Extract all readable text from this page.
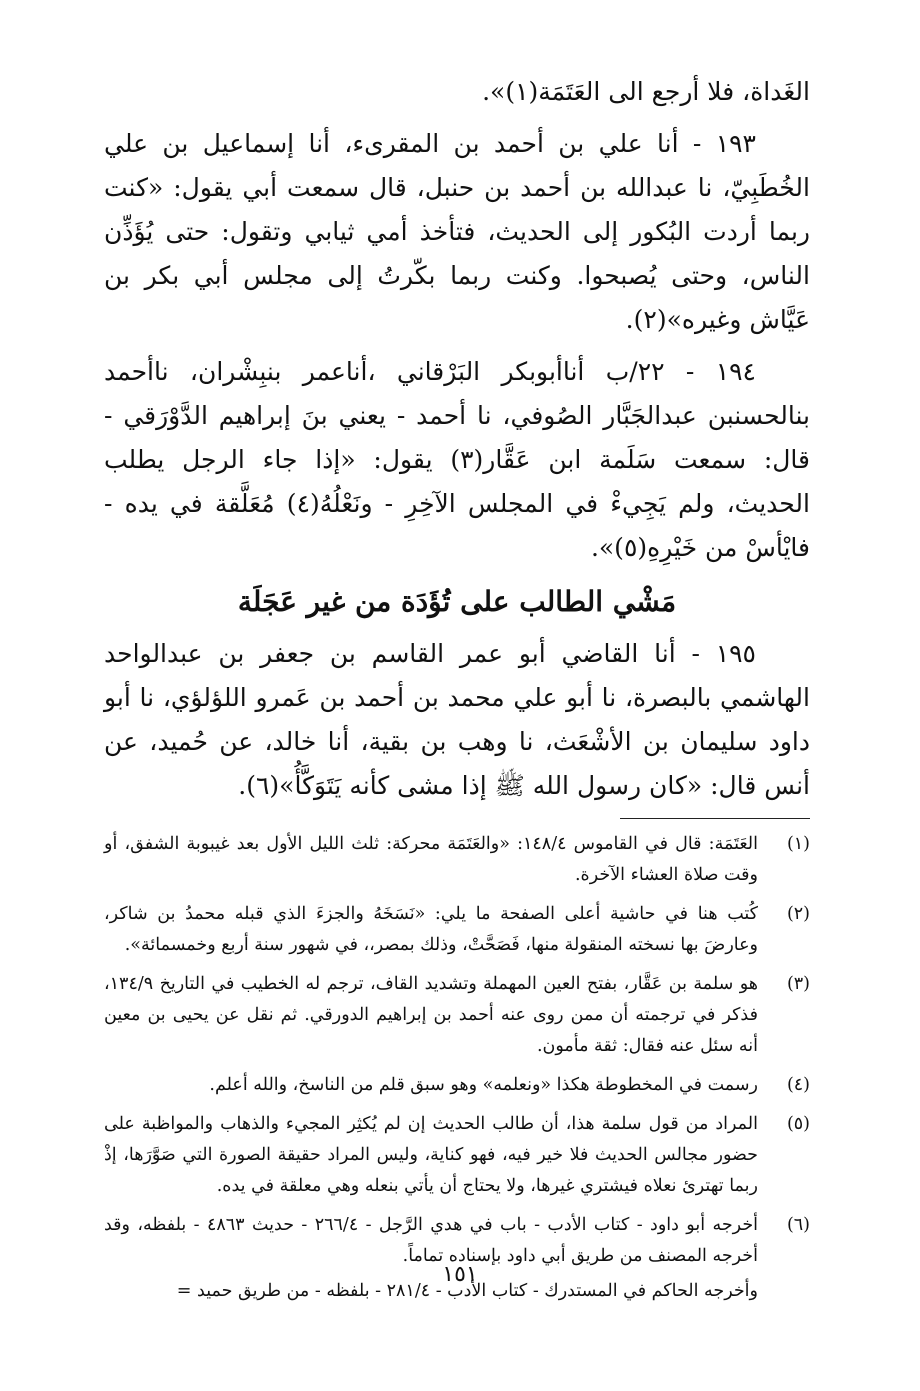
الغَداة، فلا أرجع الى العَتَمَة(١)».

١٩٣ - أنا علي بن أحمد بن المقرىء، أنا إسماعيل بن علي الخُطَبِيّ، نا عبدالله بن أحمد بن حنبل، قال سمعت أبي يقول: «كنت ربما أردت البُكور إلى الحديث، فتأخذ أمي ثيابي وتقول: حتى يُؤَذِّن الناس، وحتى يُصبحوا. وكنت ربما بكّرتُ إلى مجلس أبي بكر بن عَيَّاش وغيره»(٢).

١٩٤ - ٢٢/ب أناأبوبكر البَرْقاني ،أناعمر بنبِشْران، ناأحمد بنالحسنبن عبدالجَبَّار الصُوفي، نا أحمد - يعني بنَ إبراهيم الدَّوْرَقي - قال: سمعت سَلَمة ابن عَقَّار(٣) يقول: «إذا جاء الرجل يطلب الحديث، ولم يَجِيءْ في المجلس الآخِرِ - ونَعْلُهُ(٤) مُعَلَّقة في يده - فايْأسْ من خَيْرِهِ(٥)».

مَشْي الطالب على تُؤَدَة من غير عَجَلَة

١٩٥ - أنا القاضي أبو عمر القاسم بن جعفر بن عبدالواحد الهاشمي بالبصرة، نا أبو علي محمد بن أحمد بن عَمرو اللؤلؤي، نا أبو داود سليمان بن الأشْعَث، نا وهب بن بقية، أنا خالد، عن حُميد، عن أنس قال: «كان رسول الله ﷺ إذا مشى كأنه يَتَوَكَّأُ»(٦).

(١)
العَتَمَة: قال في القاموس ١٤٨/٤: «والعَتَمَة محركة: ثلث الليل الأول بعد غيبوبة الشفق، أو وقت صلاة العشاء الآخرة.
(٢)
كُتب هنا في حاشية أعلى الصفحة ما يلي: «نَسَخَهُ والجزءَ الذي قبله محمدُ بن شاكر، وعارضَ بها نسخته المنقولة منها، فَصَحَّتْ، وذلك بمصر،، في شهور سنة أربع وخمسمائة».
(٣)
هو سلمة بن عَقَّار، بفتح العين المهملة وتشديد القاف، ترجم له الخطيب في التاريخ ١٣٤/٩، فذكر في ترجمته أن ممن روى عنه أحمد بن إبراهيم الدورقي. ثم نقل عن يحيى بن معين أنه سئل عنه فقال: ثقة مأمون.
(٤)
رسمت في المخطوطة هكذا «ونعلمه» وهو سبق قلم من الناسخ، والله أعلم.
(٥)
المراد من قول سلمة هذا، أن طالب الحديث إن لم يُكثِر المجيء والذهاب والمواظبة على حضور مجالس الحديث فلا خير فيه، فهو كناية، وليس المراد حقيقة الصورة التي صَوَّرَها، إذْ ربما تهترئ نعلاه فيشتري غيرها، ولا يحتاج أن يأتي بنعله وهي معلقة في يده.
(٦)
أخرجه أبو داود - كتاب الأدب - باب في هدي الرَّجل - ٢٦٦/٤ - حديث ٤٨٦٣ - بلفظه، وقد أخرجه المصنف من طريق أبي داود بإسناده تماماً.
وأخرجه الحاكم في المستدرك - كتاب الأدب - ٢٨١/٤ - بلفظه - من طريق حميد =
١٥١
